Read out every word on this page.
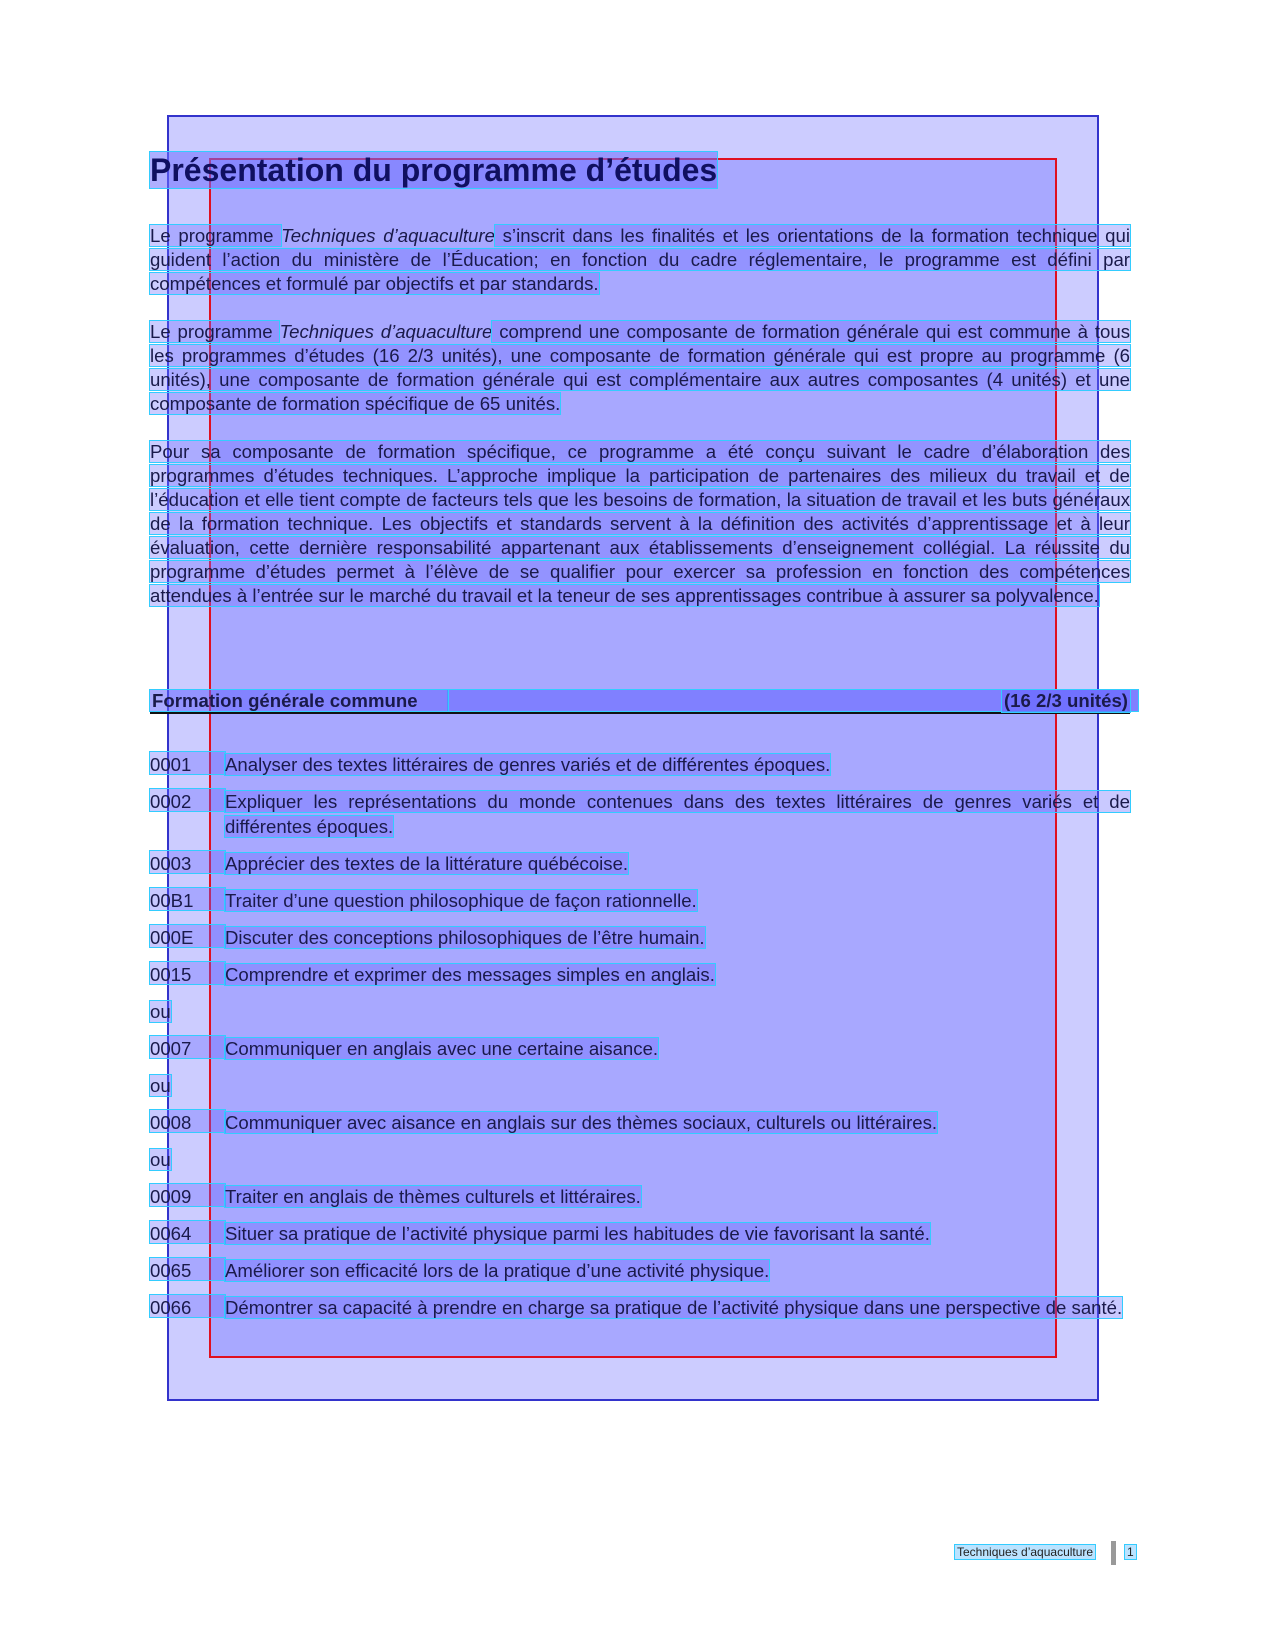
Présentation du programme d’études

Le programme Techniques d’aquaculture s’inscrit dans les finalités et les orientations de la formation technique qui guident l’action du ministère de l’Éducation; en fonction du cadre réglementaire, le programme est défini par compétences et formulé par objectifs et par standards.

Le programme Techniques d’aquaculture comprend une composante de formation générale qui est commune à tous les programmes d’études (16 2/3 unités), une composante de formation générale qui est propre au programme (6 unités), une composante de formation générale qui est complémentaire aux autres composantes (4 unités) et une composante de formation spécifique de 65 unités.

Pour sa composante de formation spécifique, ce programme a été conçu suivant le cadre d’élaboration des programmes d’études techniques. L’approche implique la participation de partenaires des milieux du travail et de l’éducation et elle tient compte de facteurs tels que les besoins de formation, la situation de travail et les buts généraux de la formation technique. Les objectifs et standards servent à la définition des activités d’apprentissage et à leur évaluation, cette dernière responsabilité appartenant aux établissements d’enseignement collégial. La réussite du programme d’études permet à l’élève de se qualifier pour exercer sa profession en fonction des compétences attendues à l’entrée sur le marché du travail et la teneur de ses apprentissages contribue à assurer sa polyvalence.

Formation générale commune	(16 2/3 unités)
0001	Analyser des textes littéraires de genres variés et de différentes époques.
0002	Expliquer les représentations du monde contenues dans des textes littéraires de genres variés et de différentes époques.
0003	Apprécier des textes de la littérature québécoise.
00B1	Traiter d’une question philosophique de façon rationnelle.
000E	Discuter des conceptions philosophiques de l’être humain.
0015	Comprendre et exprimer des messages simples en anglais.
ou
0007	Communiquer en anglais avec une certaine aisance.
ou
0008	Communiquer avec aisance en anglais sur des thèmes sociaux, culturels ou littéraires.
ou
0009	Traiter en anglais de thèmes culturels et littéraires.
0064	Situer sa pratique de l’activité physique parmi les habitudes de vie favorisant la santé.
0065	Améliorer son efficacité lors de la pratique d’une activité physique.
0066	Démontrer sa capacité à prendre en charge sa pratique de l’activité physique dans une perspective de santé.
Techniques d’aquaculture	1
